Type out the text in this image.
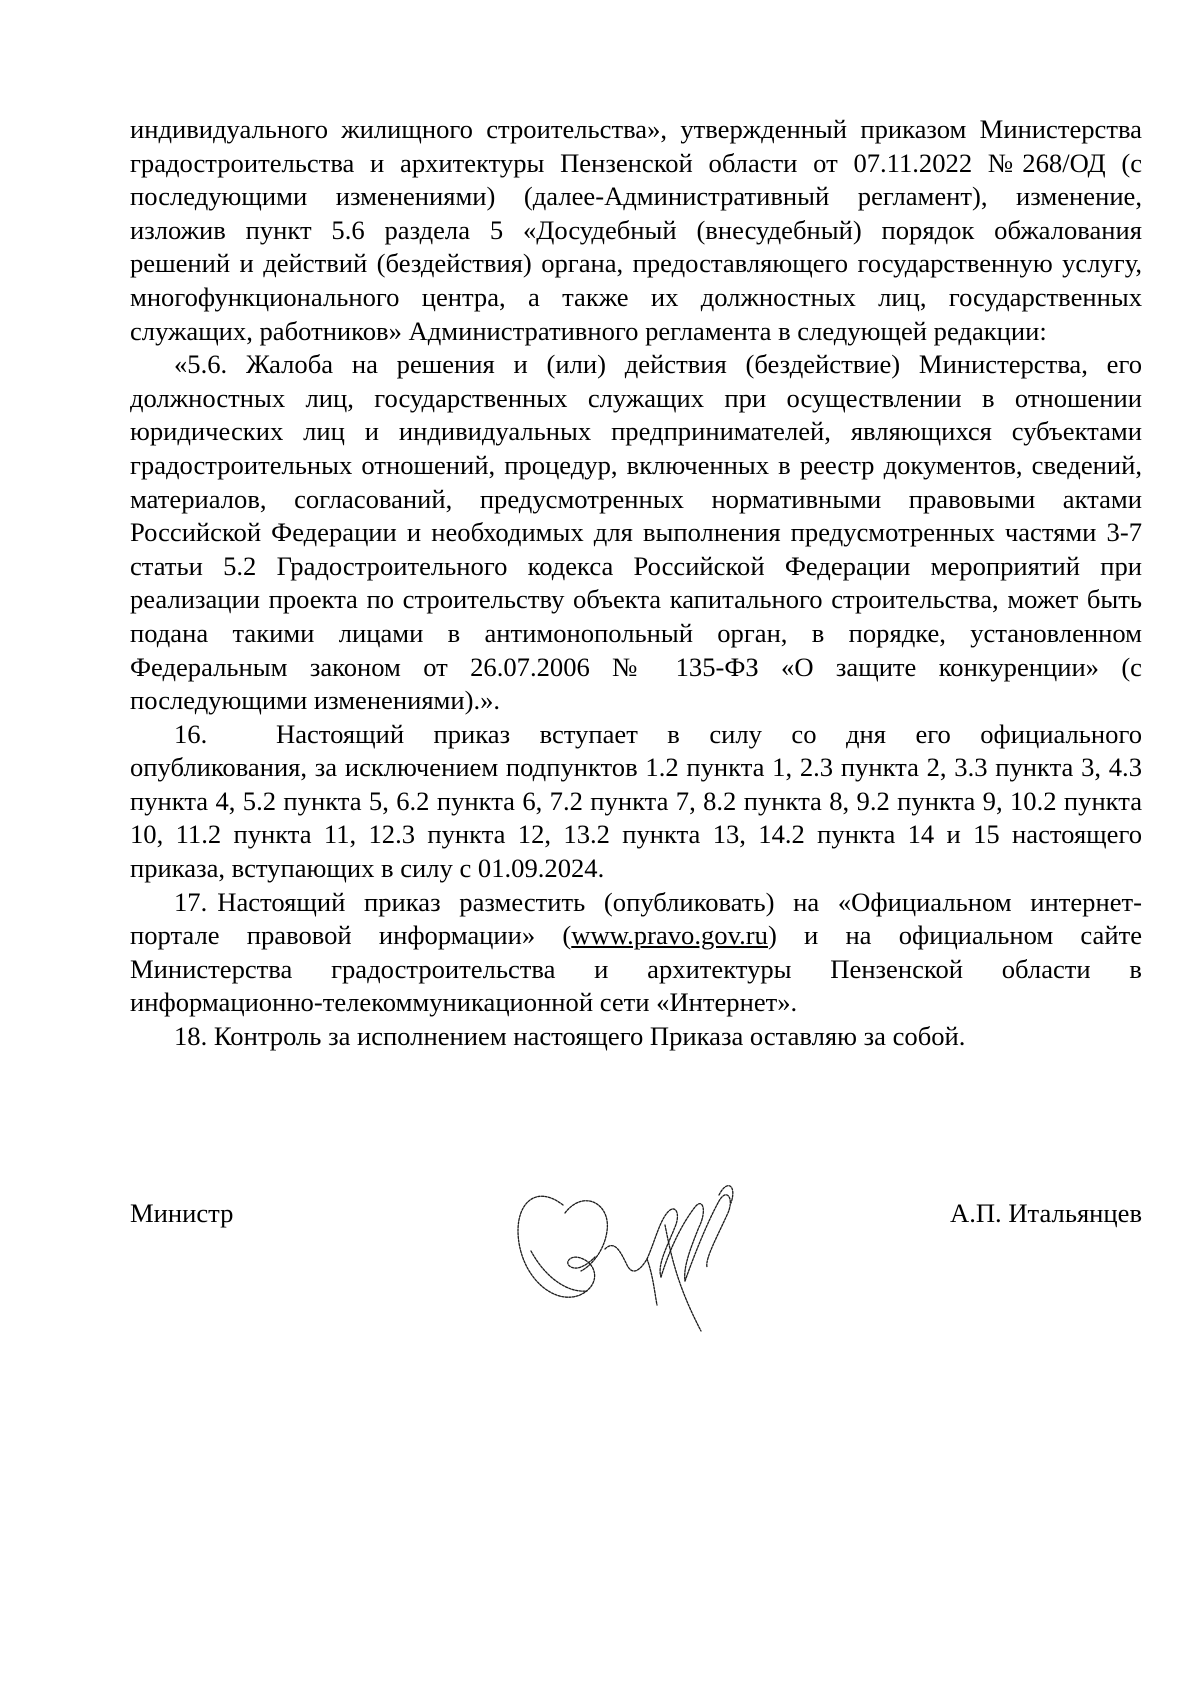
индивидуального жилищного строительства», утвержденный приказом Министерства градостроительства и архитектуры Пензенской области от 07.11.2022 №268/ОД (с последующими изменениями) (далее-Административный регламент), изменение, изложив пункт 5.6 раздела 5 «Досудебный (внесудебный) порядок обжалования решений и действий (бездействия) органа, предоставляющего государственную услугу, многофункционального центра, а также их должностных лиц, государственных служащих, работников» Административного регламента в следующей редакции:

«5.6. Жалоба на решения и (или) действия (бездействие) Министерства, его должностных лиц, государственных служащих при осуществлении в отношении юридических лиц и индивидуальных предпринимателей, являющихся субъектами градостроительных отношений, процедур, включенных в реестр документов, сведений, материалов, согласований, предусмотренных нормативными правовыми актами Российской Федерации и необходимых для выполнения предусмотренных частями 3-7 статьи 5.2 Градостроительного кодекса Российской Федерации мероприятий при реализации проекта по строительству объекта капитального строительства, может быть подана такими лицами в антимонопольный орган, в порядке, установленном Федеральным законом от 26.07.2006 № 135-ФЗ «О защите конкуренции» (с последующими изменениями).».

16.	Настоящий приказ вступает в силу со дня его официального опубликования, за исключением подпунктов 1.2 пункта 1, 2.3 пункта 2, 3.3 пункта 3, 4.3 пункта 4, 5.2 пункта 5, 6.2 пункта 6, 7.2 пункта 7, 8.2 пункта 8, 9.2 пункта 9, 10.2 пункта 10, 11.2 пункта 11, 12.3 пункта 12, 13.2 пункта 13, 14.2 пункта 14 и 15 настоящего приказа, вступающих в силу с 01.09.2024.

17. Настоящий приказ разместить (опубликовать) на «Официальном интернет-портале правовой информации» (www.pravo.gov.ru) и на официальном сайте Министерства градостроительства и архитектуры Пензенской области в информационно-телекоммуникационной сети «Интернет».

18. Контроль за исполнением настоящего Приказа оставляю за собой.

Министр	А.П. Итальянцев
